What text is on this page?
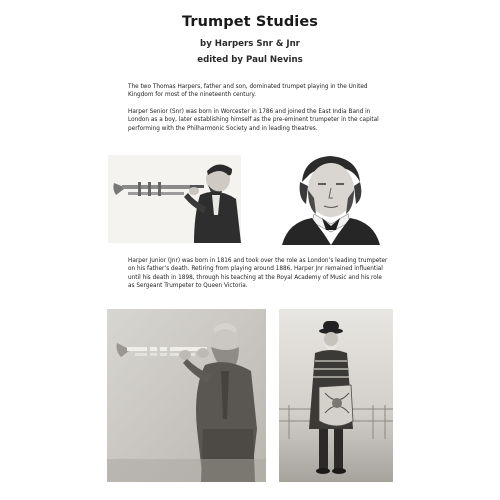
Trumpet Studies
by Harpers Snr & Jnr
edited by Paul Nevins

The two Thomas Harpers, father and son, dominated trumpet playing in the United Kingdom for most of the nineteenth century.

Harper Senior (Snr) was born in Worcester in 1786 and joined the East India Band in London as a boy, later establishing himself as the pre-eminent trumpeter in the capital performing with the Philharmonic Society and in leading theatres.

Harper Junior (Jnr) was born in 1816 and took over the role as London’s leading trumpeter on his father’s death. Retiring from playing around 1886, Harper Jnr remained influential until his death in 1898, through his teaching at the Royal Academy of Music and his role as Sergeant Trumpeter to Queen Victoria.
